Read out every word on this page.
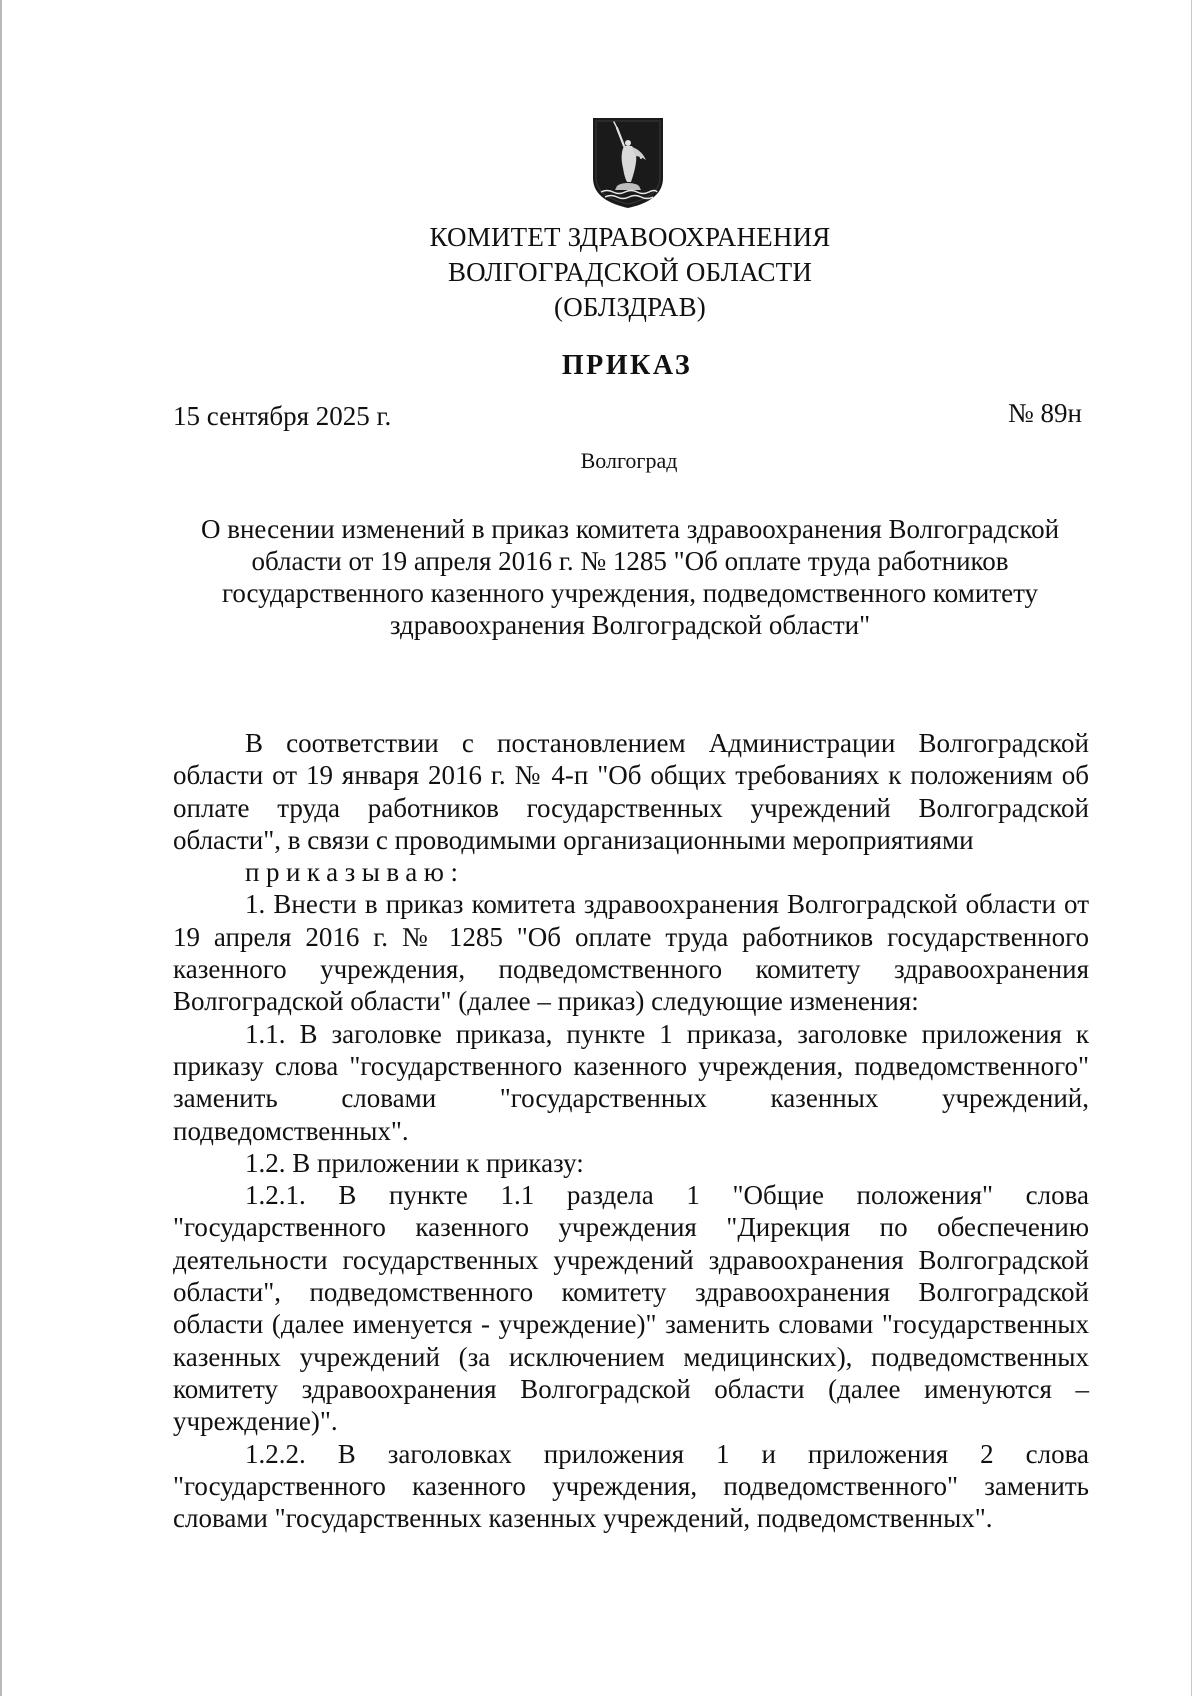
КОМИТЕТ ЗДРАВООХРАНЕНИЯ
ВОЛГОГРАДСКОЙ ОБЛАСТИ
(ОБЛЗДРАВ)
ПРИКАЗ
15 сентября 2025 г.	№ 89н
Волгоград
О внесении изменений в приказ комитета здравоохранения Волгоградской
области от 19 апреля 2016 г. № 1285 "Об оплате труда работников
государственного казенного учреждения, подведомственного комитету
здравоохранения Волгоградской области"

В соответствии с постановлением Администрации Волгоградской области от 19 января 2016 г. № 4-п "Об общих требованиях к положениям об оплате труда работников государственных учреждений Волгоградской области", в связи с проводимыми организационными мероприятиями

приказываю:

1. Внести в приказ комитета здравоохранения Волгоградской области от 19 апреля 2016 г. № 1285 "Об оплате труда работников государственного казенного учреждения, подведомственного комитету здравоохранения Волгоградской области" (далее – приказ) следующие изменения:

1.1. В заголовке приказа, пункте 1 приказа, заголовке приложения к приказу слова "государственного казенного учреждения, подведомственного" заменить словами "государственных казенных учреждений, подведомственных".

1.2. В приложении к приказу:

1.2.1. В пункте 1.1 раздела 1 "Общие положения" слова "государственного казенного учреждения "Дирекция по обеспечению деятельности государственных учреждений здравоохранения Волгоградской области", подведомственного комитету здравоохранения Волгоградской области (далее именуется - учреждение)" заменить словами "государственных казенных учреждений (за исключением медицинских), подведомственных комитету здравоохранения Волгоградской области (далее именуются – учреждение)".

1.2.2. В заголовках приложения 1 и приложения 2 слова "государственного казенного учреждения, подведомственного" заменить словами "государственных казенных учреждений, подведомственных".
